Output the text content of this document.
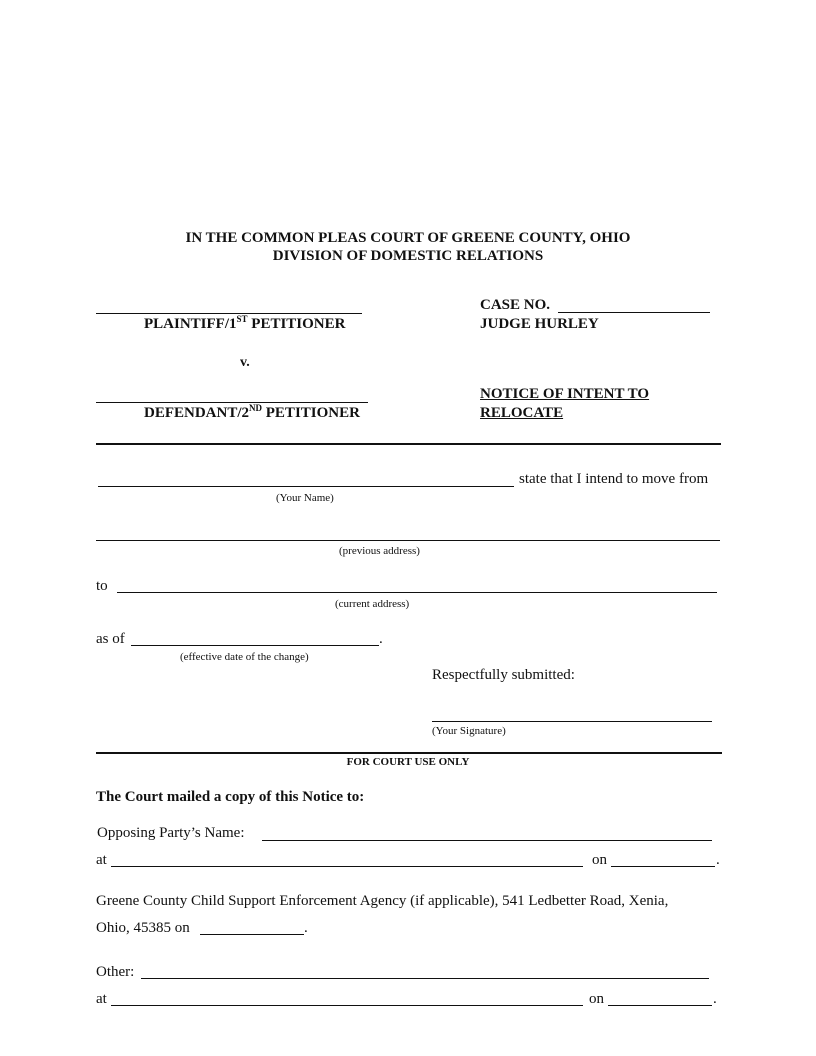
IN THE COMMON PLEAS COURT OF GREENE COUNTY, OHIO
DIVISION OF DOMESTIC RELATIONS
PLAINTIFF/1ST PETITIONER
v.
DEFENDANT/2ND PETITIONER
CASE NO.
JUDGE HURLEY
NOTICE OF INTENT TO
RELOCATE
state that I intend to move from
(Your Name)
(previous address)
to
(current address)
as of	.
(effective date of the change)
Respectfully submitted:
(Your Signature)
FOR COURT USE ONLY
The Court mailed a copy of this Notice to:
Opposing Party’s Name:
at	on	.
Greene County Child Support Enforcement Agency (if applicable), 541 Ledbetter Road, Xenia,
Ohio, 45385 on	.
Other:
at	on	.
